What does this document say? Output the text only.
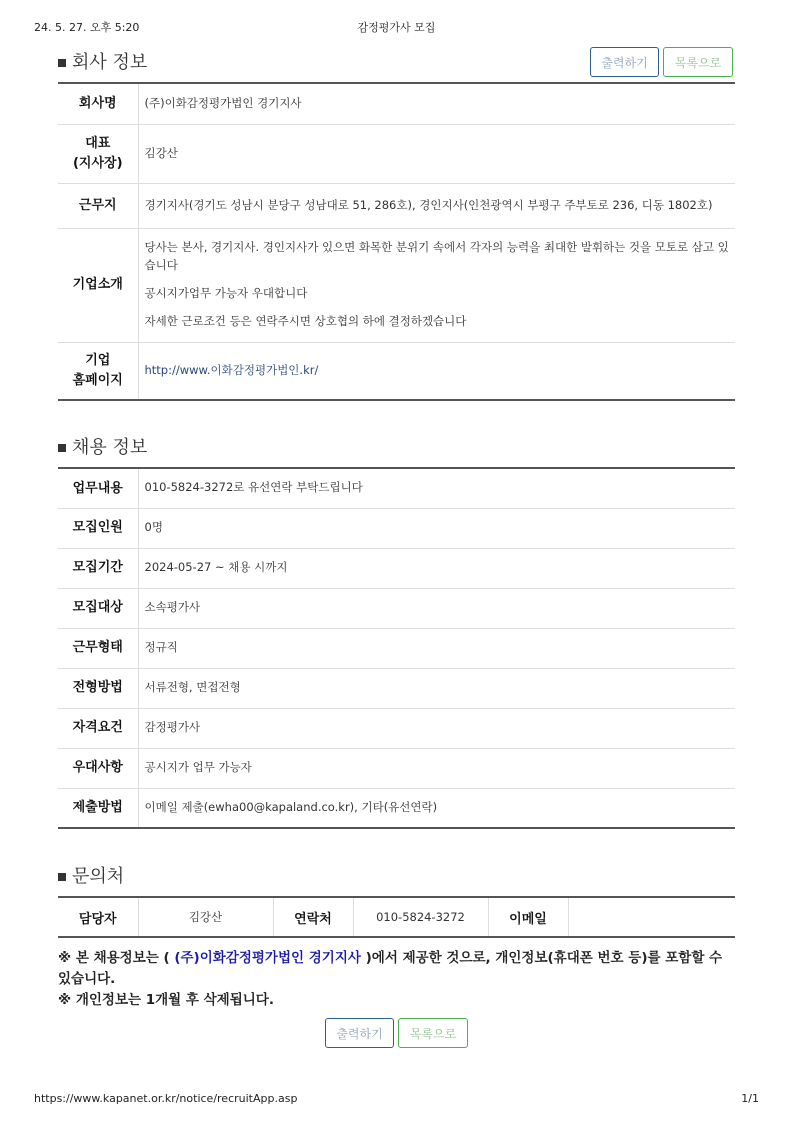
24. 5. 27. 오후 5:20	감정평가사 모집
회사 정보	출력하기	목록으로
회사명	(주)이화감정평가법인 경기지사

대표
(지사장)	김강산
근무지	경기지사(경기도 성남시 분당구 성남대로 51, 286호), 경인지사(인천광역시 부평구 주부토로 236, 디동 1802호)
기업소개	당사는 본사, 경기지사. 경인지사가 있으면 화목한 분위기 속에서 각자의 능력을 최대한 발휘하는 것을 모토로 삼고 있습니다
공시지가업무 가능자 우대합니다
자세한 근로조건 등은 연락주시면 상호협의 하에 결정하겠습니다

기업
홈페이지	http://www.이화감정평가법인.kr/
채용 정보
업무내용	010-5824-3272로 유선연락 부탁드립니다
모집인원	0명
모집기간	2024-05-27 ~ 채용 시까지
모집대상	소속평가사
근무형태	정규직
전형방법	서류전형, 면접전형
자격요건	감정평가사
우대사항	공시지가 업무 가능자
제출방법	이메일 제출(ewha00@kapaland.co.kr), 기타(유선연락)
문의처
담당자	김강산	연락처	010-5824-3272	이메일	
※ 본 채용정보는 ( (주)이화감정평가법인 경기지사 )에서 제공한 것으로, 개인정보(휴대폰 번호 등)를 포함할 수 있습니다.
※ 개인정보는 1개월 후 삭제됩니다.
출력하기	목록으로
https://www.kapanet.or.kr/notice/recruitApp.asp	1/1
